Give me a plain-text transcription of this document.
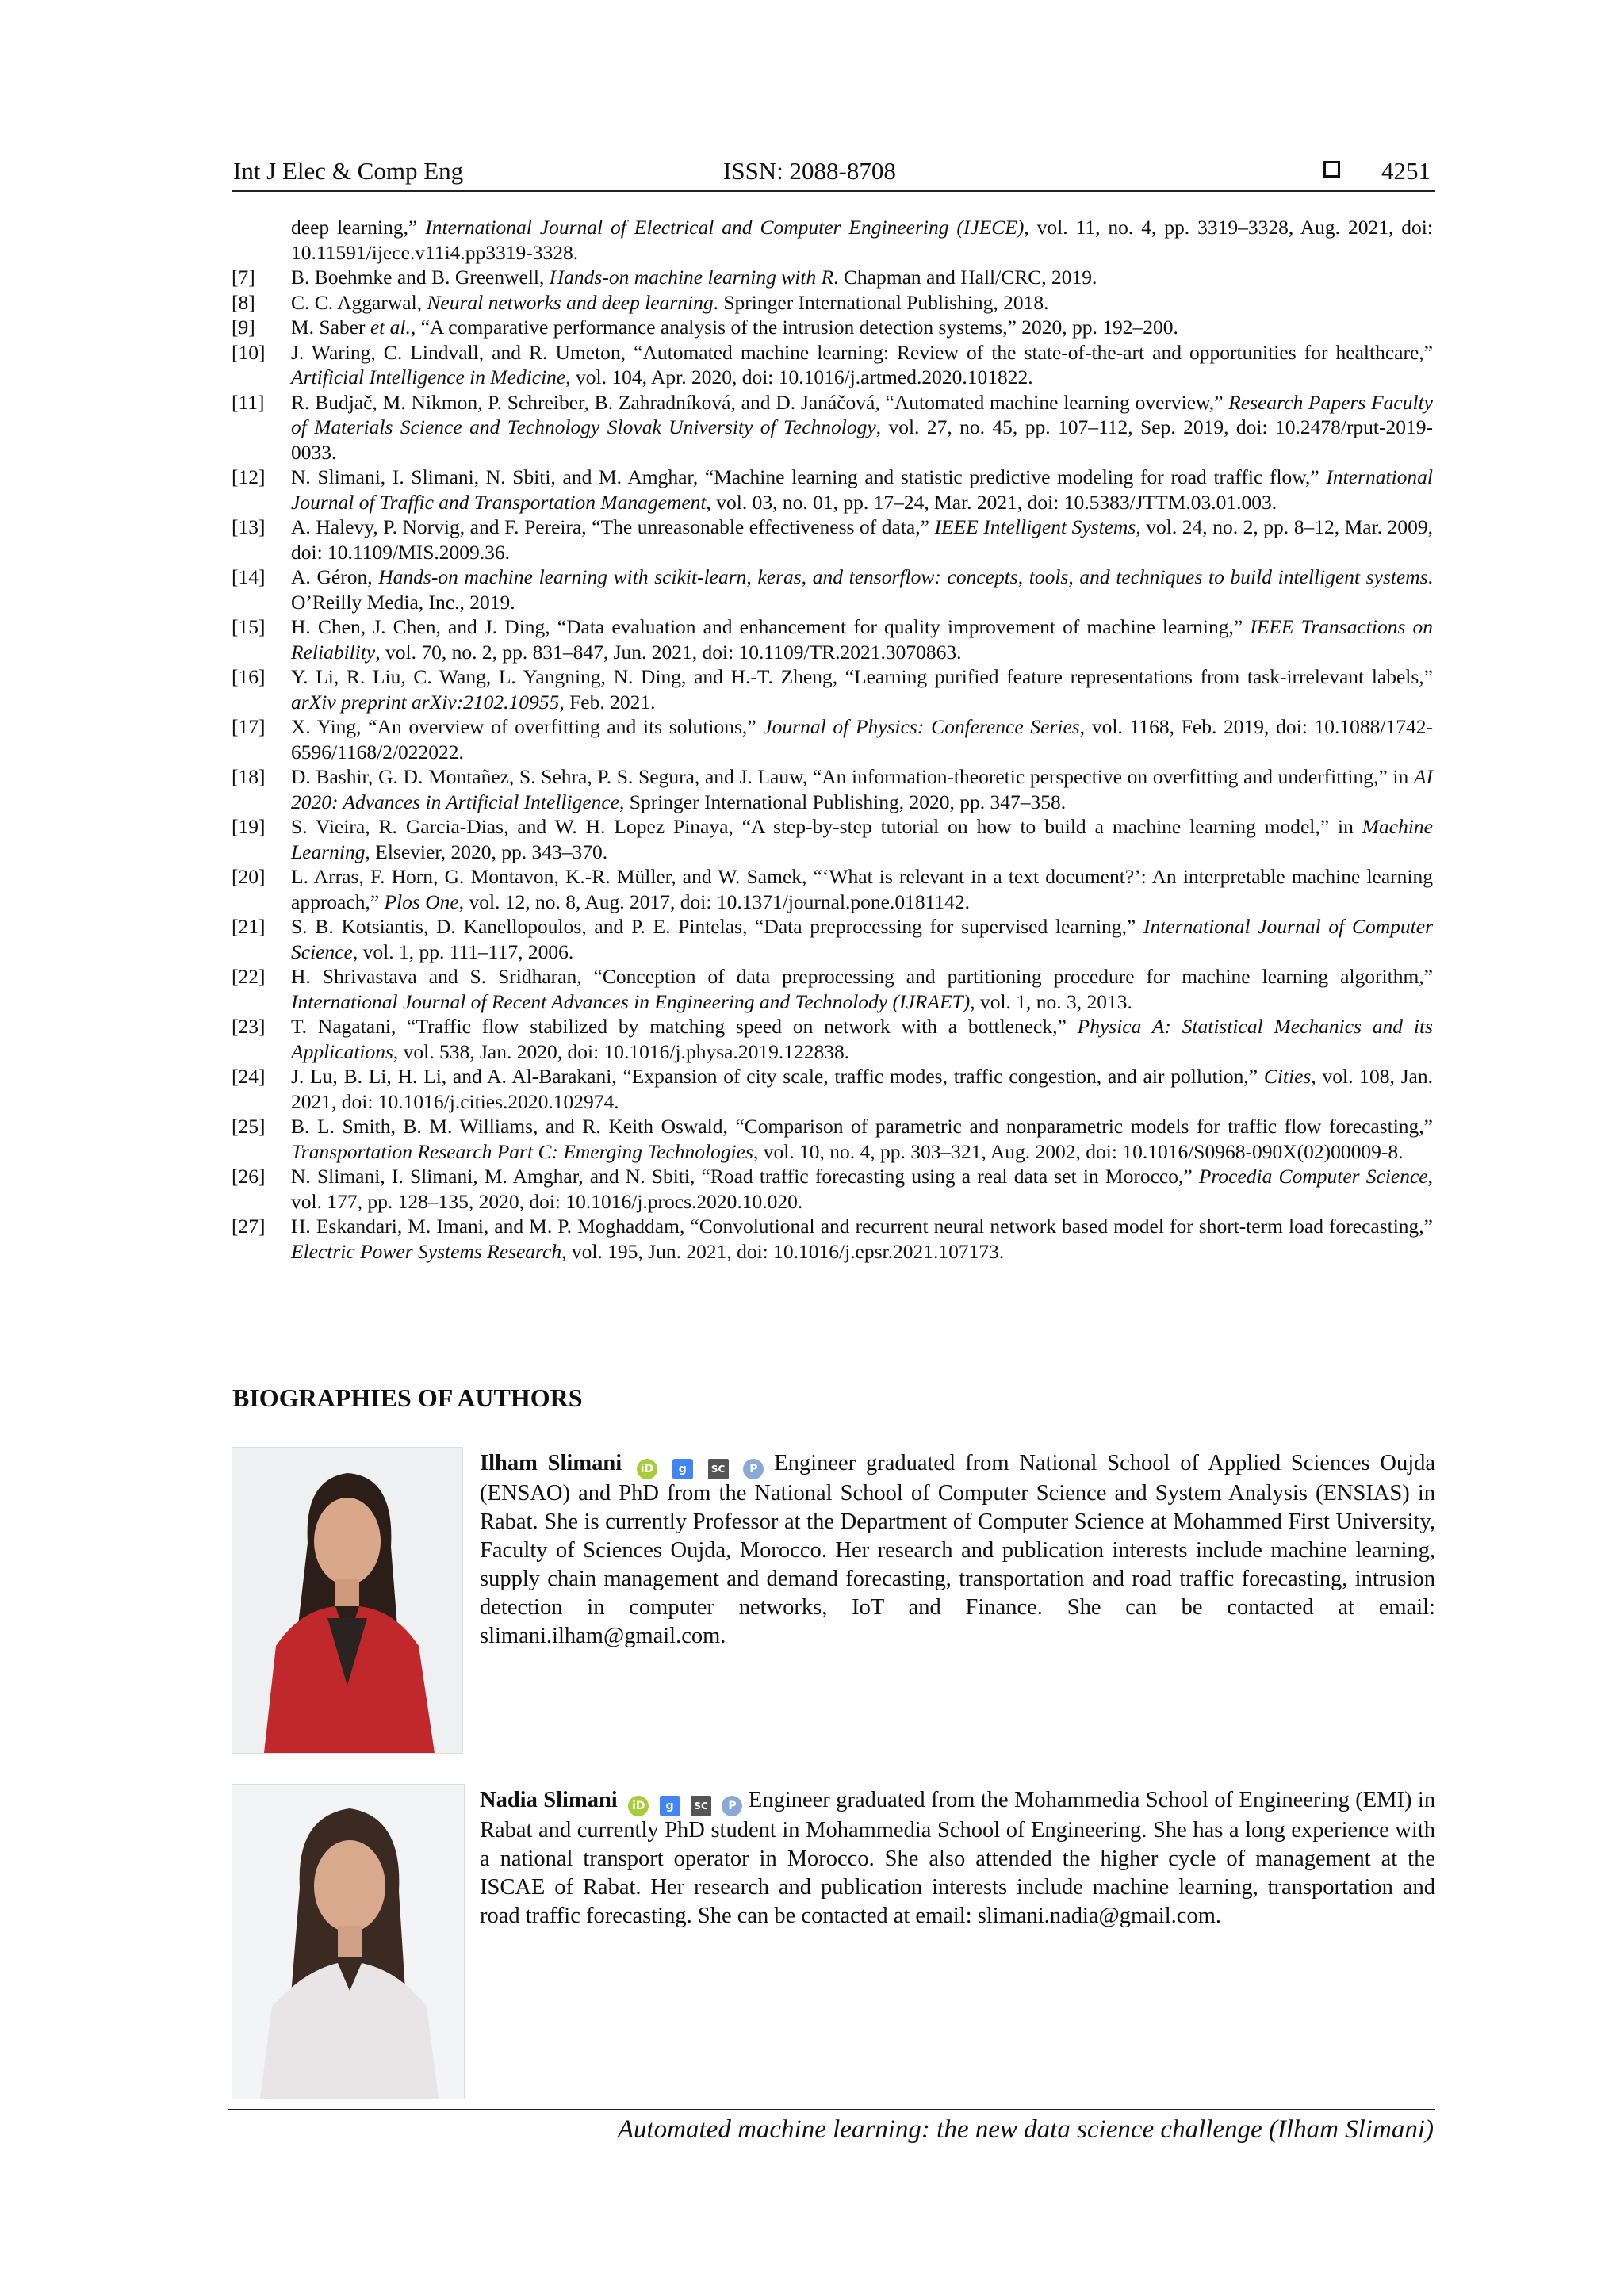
Int J Elec & Comp Eng	ISSN: 2088-8708	4251
deep learning,” International Journal of Electrical and Computer Engineering (IJECE), vol. 11, no. 4, pp. 3319–3328, Aug. 2021, doi: 10.11591/ijece.v11i4.pp3319-3328.
[7]	B. Boehmke and B. Greenwell, Hands-on machine learning with R. Chapman and Hall/CRC, 2019.
[8]	C. C. Aggarwal, Neural networks and deep learning. Springer International Publishing, 2018.
[9]	M. Saber et al., “A comparative performance analysis of the intrusion detection systems,” 2020, pp. 192–200.
[10]	J. Waring, C. Lindvall, and R. Umeton, “Automated machine learning: Review of the state-of-the-art and opportunities for healthcare,” Artificial Intelligence in Medicine, vol. 104, Apr. 2020, doi: 10.1016/j.artmed.2020.101822.
[11]	R. Budjač, M. Nikmon, P. Schreiber, B. Zahradníková, and D. Janáčová, “Automated machine learning overview,” Research Papers Faculty of Materials Science and Technology Slovak University of Technology, vol. 27, no. 45, pp. 107–112, Sep. 2019, doi: 10.2478/rput-2019-0033.
[12]	N. Slimani, I. Slimani, N. Sbiti, and M. Amghar, “Machine learning and statistic predictive modeling for road traffic flow,” International Journal of Traffic and Transportation Management, vol. 03, no. 01, pp. 17–24, Mar. 2021, doi: 10.5383/JTTM.03.01.003.
[13]	A. Halevy, P. Norvig, and F. Pereira, “The unreasonable effectiveness of data,” IEEE Intelligent Systems, vol. 24, no. 2, pp. 8–12, Mar. 2009, doi: 10.1109/MIS.2009.36.
[14]	A. Géron, Hands-on machine learning with scikit-learn, keras, and tensorflow: concepts, tools, and techniques to build intelligent systems. O’Reilly Media, Inc., 2019.
[15]	H. Chen, J. Chen, and J. Ding, “Data evaluation and enhancement for quality improvement of machine learning,” IEEE Transactions on Reliability, vol. 70, no. 2, pp. 831–847, Jun. 2021, doi: 10.1109/TR.2021.3070863.
[16]	Y. Li, R. Liu, C. Wang, L. Yangning, N. Ding, and H.-T. Zheng, “Learning purified feature representations from task-irrelevant labels,” arXiv preprint arXiv:2102.10955, Feb. 2021.
[17]	X. Ying, “An overview of overfitting and its solutions,” Journal of Physics: Conference Series, vol. 1168, Feb. 2019, doi: 10.1088/1742-6596/1168/2/022022.
[18]	D. Bashir, G. D. Montañez, S. Sehra, P. S. Segura, and J. Lauw, “An information-theoretic perspective on overfitting and underfitting,” in AI 2020: Advances in Artificial Intelligence, Springer International Publishing, 2020, pp. 347–358.
[19]	S. Vieira, R. Garcia-Dias, and W. H. Lopez Pinaya, “A step-by-step tutorial on how to build a machine learning model,” in Machine Learning, Elsevier, 2020, pp. 343–370.
[20]	L. Arras, F. Horn, G. Montavon, K.-R. Müller, and W. Samek, “‘What is relevant in a text document?’: An interpretable machine learning approach,” Plos One, vol. 12, no. 8, Aug. 2017, doi: 10.1371/journal.pone.0181142.
[21]	S. B. Kotsiantis, D. Kanellopoulos, and P. E. Pintelas, “Data preprocessing for supervised learning,” International Journal of Computer Science, vol. 1, pp. 111–117, 2006.
[22]	H. Shrivastava and S. Sridharan, “Conception of data preprocessing and partitioning procedure for machine learning algorithm,” International Journal of Recent Advances in Engineering and Technolody (IJRAET), vol. 1, no. 3, 2013.
[23]	T. Nagatani, “Traffic flow stabilized by matching speed on network with a bottleneck,” Physica A: Statistical Mechanics and its Applications, vol. 538, Jan. 2020, doi: 10.1016/j.physa.2019.122838.
[24]	J. Lu, B. Li, H. Li, and A. Al-Barakani, “Expansion of city scale, traffic modes, traffic congestion, and air pollution,” Cities, vol. 108, Jan. 2021, doi: 10.1016/j.cities.2020.102974.
[25]	B. L. Smith, B. M. Williams, and R. Keith Oswald, “Comparison of parametric and nonparametric models for traffic flow forecasting,” Transportation Research Part C: Emerging Technologies, vol. 10, no. 4, pp. 303–321, Aug. 2002, doi: 10.1016/S0968-090X(02)00009-8.
[26]	N. Slimani, I. Slimani, M. Amghar, and N. Sbiti, “Road traffic forecasting using a real data set in Morocco,” Procedia Computer Science, vol. 177, pp. 128–135, 2020, doi: 10.1016/j.procs.2020.10.020.
[27]	H. Eskandari, M. Imani, and M. P. Moghaddam, “Convolutional and recurrent neural network based model for short-term load forecasting,” Electric Power Systems Research, vol. 195, Jun. 2021, doi: 10.1016/j.epsr.2021.107173.
BIOGRAPHIES OF AUTHORS
Ilham Slimani iD g	SC P Engineer graduated from National School of Applied Sciences Oujda (ENSAO) and PhD from the National School of Computer Science and System Analysis (ENSIAS) in Rabat. She is currently Professor at the Department of Computer Science at Mohammed First University, Faculty of Sciences Oujda, Morocco. Her research and publication interests include machine learning, supply chain management and demand forecasting, transportation and road traffic forecasting, intrusion detection in computer networks, IoT and Finance. She can be contacted at email: slimani.ilham@gmail.com.
Nadia Slimani iD g SC P Engineer graduated from the Mohammedia School of Engineering (EMI) in Rabat and currently PhD student in Mohammedia School of Engineering. She has a long experience with a national transport operator in Morocco. She also attended the higher cycle of management at the ISCAE of Rabat. Her research and publication interests include machine learning, transportation and road traffic forecasting. She can be contacted at email: slimani.nadia@gmail.com.
Automated machine learning: the new data science challenge (Ilham Slimani)
